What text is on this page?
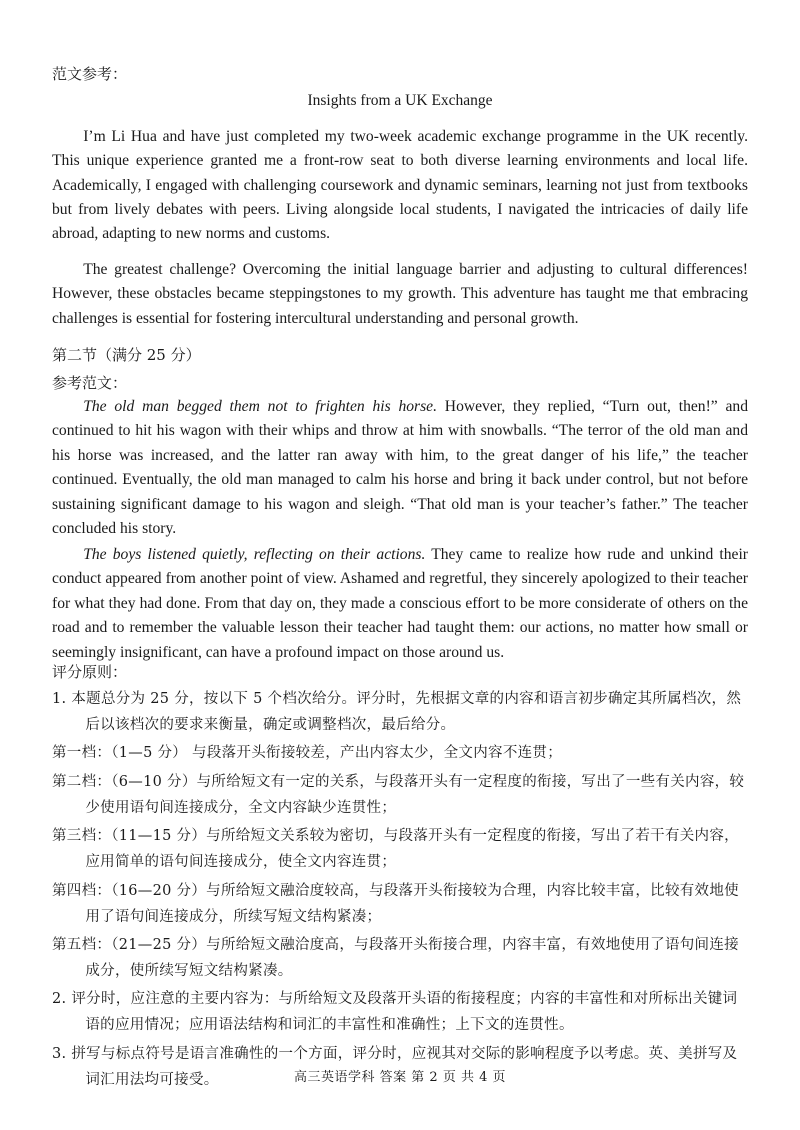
范文参考：
Insights from a UK Exchange

I’m Li Hua and have just completed my two-week academic exchange programme in the UK recently. This unique experience granted me a front-row seat to both diverse learning environments and local life. Academically, I engaged with challenging coursework and dynamic seminars, learning not just from textbooks but from lively debates with peers. Living alongside local students, I navigated the intricacies of daily life abroad, adapting to new norms and customs.

The greatest challenge? Overcoming the initial language barrier and adjusting to cultural differences! However, these obstacles became steppingstones to my growth. This adventure has taught me that embracing challenges is essential for fostering intercultural understanding and personal growth.

第二节（满分 25 分）
参考范文：

The old man begged them not to frighten his horse. However, they replied, “Turn out, then!” and continued to hit his wagon with their whips and throw at him with snowballs. “The terror of the old man and his horse was increased, and the latter ran away with him, to the great danger of his life,” the teacher continued. Eventually, the old man managed to calm his horse and bring it back under control, but not before sustaining significant damage to his wagon and sleigh. “That old man is your teacher’s father.” The teacher concluded his story.

The boys listened quietly, reflecting on their actions. They came to realize how rude and unkind their conduct appeared from another point of view. Ashamed and regretful, they sincerely apologized to their teacher for what they had done. From that day on, they made a conscious effort to be more considerate of others on the road and to remember the valuable lesson their teacher had taught them: our actions, no matter how small or seemingly insignificant, can have a profound impact on those around us.

评分原则：

1. 本题总分为 25 分，按以下 5 个档次给分。评分时，先根据文章的内容和语言初步确定其所属档次，然后以该档次的要求来衡量，确定或调整档次，最后给分。

第一档：（1—5 分） 与段落开头衔接较差，产出内容太少，全文内容不连贯；

第二档：（6—10 分）与所给短文有一定的关系，与段落开头有一定程度的衔接，写出了一些有关内容，较少使用语句间连接成分，全文内容缺少连贯性；

第三档：（11—15 分）与所给短文关系较为密切，与段落开头有一定程度的衔接，写出了若干有关内容，应用简单的语句间连接成分，使全文内容连贯；

第四档：（16—20 分）与所给短文融洽度较高，与段落开头衔接较为合理，内容比较丰富，比较有效地使用了语句间连接成分，所续写短文结构紧凑；

第五档：（21—25 分）与所给短文融洽度高，与段落开头衔接合理，内容丰富，有效地使用了语句间连接成分，使所续写短文结构紧凑。

2. 评分时，应注意的主要内容为：与所给短文及段落开头语的衔接程度；内容的丰富性和对所标出关键词语的应用情况；应用语法结构和词汇的丰富性和准确性；上下文的连贯性。

3. 拼写与标点符号是语言准确性的一个方面，评分时，应视其对交际的影响程度予以考虑。英、美拼写及词汇用法均可接受。	高三英语学科 答案 第 2 页 共 4 页
